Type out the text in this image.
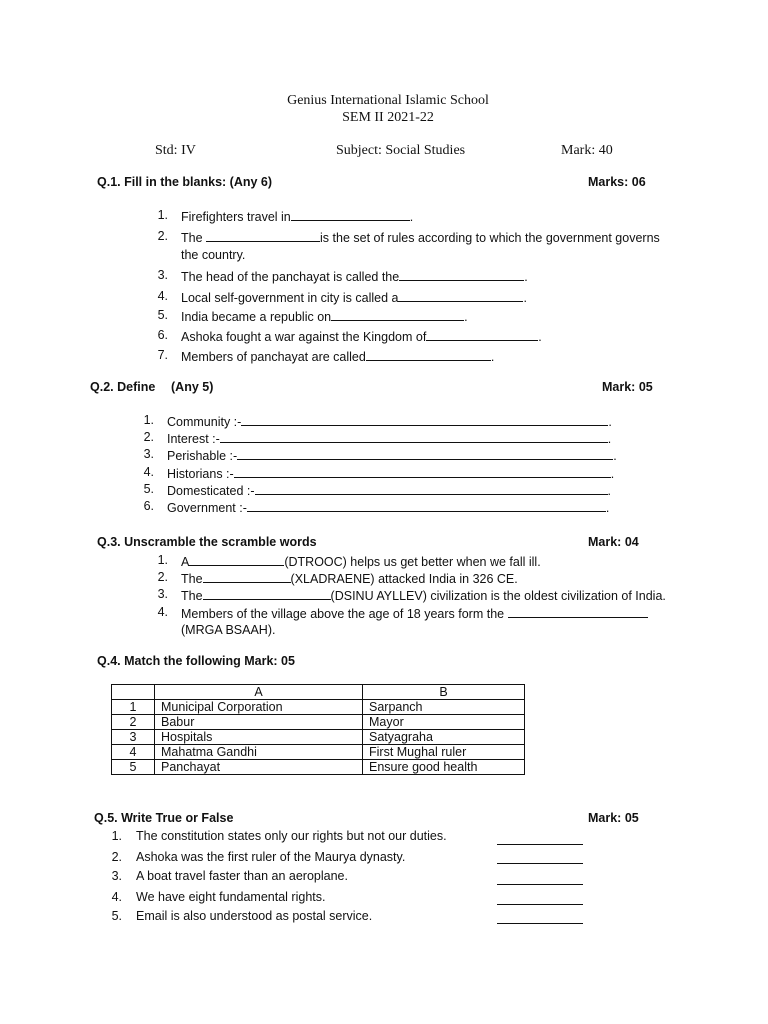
Genius International Islamic School
SEM II 2021-22
Std: IV	Subject: Social Studies	Mark: 40
Q.1. Fill in the blanks: (Any 6)	Marks: 06
1. Firefighters travel in	.
2. The	is the set of rules according to which the government governs
the country.
3. The head of the panchayat is called the	.
4. Local self-government in city is called a	.
5. India became a republic on	.
6. Ashoka fought a war against the Kingdom of	.
7. Members of panchayat are called	.
Q.2. Define (Any 5)	Mark: 05
1. Community :-	.
2. Interest :-	.
3. Perishable :-	.
4. Historians :-	.
5. Domesticated :-	.
6. Government :-	.
Q.3. Unscramble the scramble words	Mark: 04
1. A	(DTROOC) helps us get better when we fall ill.
2. The	(XLADRAENE) attacked India in 326 CE.
3. The	(DSINU AYLLEV) civilization is the oldest civilization of India.
4. Members of the village above the age of 18 years form the
(MRGA BSAAH).
Q.4. Match the following Mark: 05
	A	B
1	Municipal Corporation	Sarpanch
2	Babur	Mayor
3	Hospitals	Satyagraha
4	Mahatma Gandhi	First Mughal ruler
5	Panchayat	Ensure good health
Q.5. Write True or False	Mark: 05
1. The constitution states only our rights but not our duties.
2. Ashoka was the first ruler of the Maurya dynasty.
3. A boat travel faster than an aeroplane.
4. We have eight fundamental rights.
5. Email is also understood as postal service.
